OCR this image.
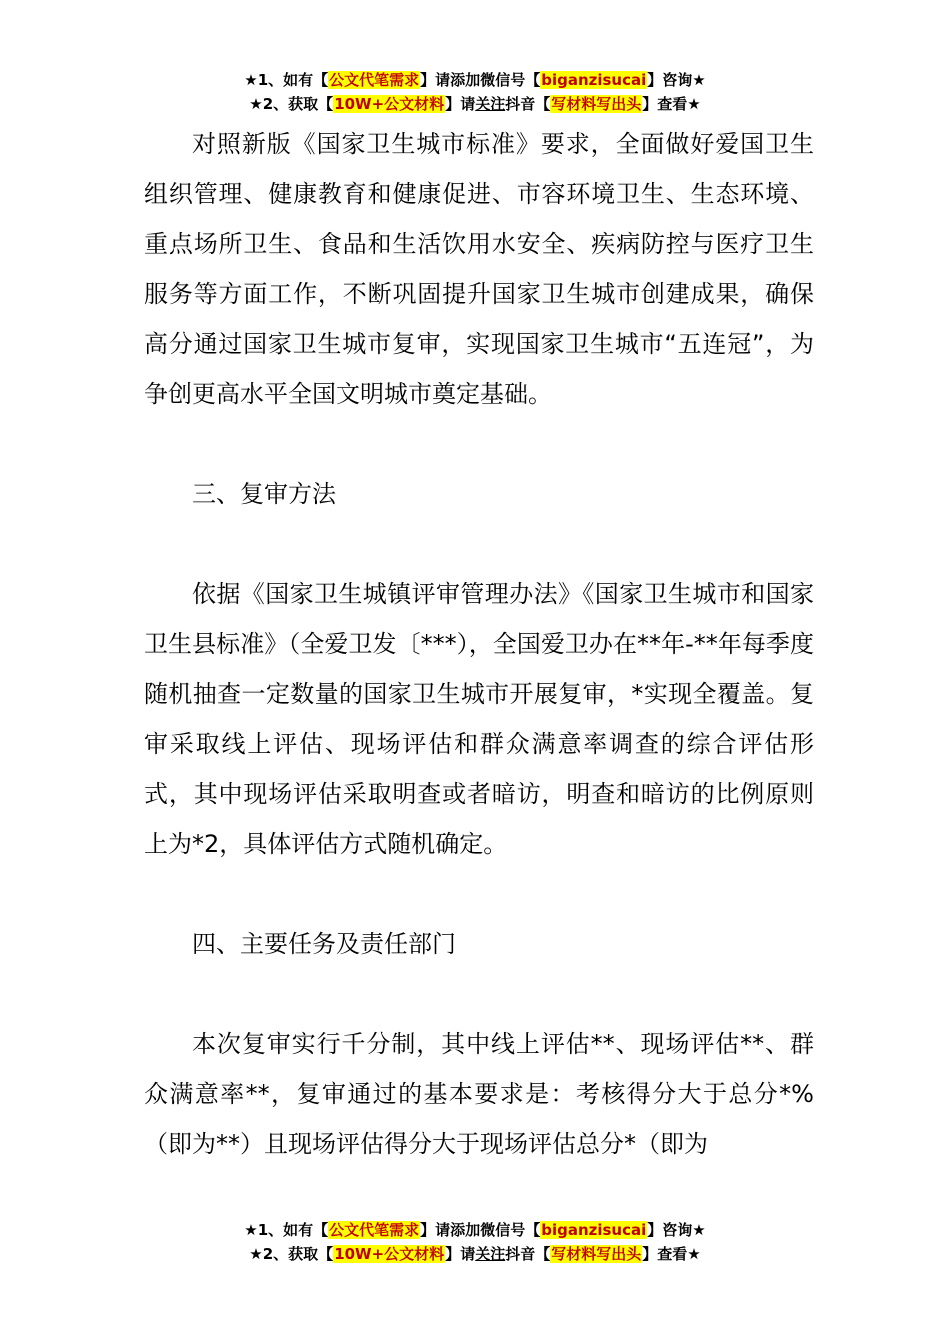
★1、如有【公文代笔需求】请添加微信号【biganzisucai】咨询★
★2、获取【10W+公文材料】请关注抖音【写材料写出头】查看★

对照新版《国家卫生城市标准》要求，全面做好爱国卫生组织管理、健康教育和健康促进、市容环境卫生、生态环境、重点场所卫生、食品和生活饮用水安全、疾病防控与医疗卫生服务等方面工作，不断巩固提升国家卫生城市创建成果，确保高分通过国家卫生城市复审，实现国家卫生城市“五连冠”，为争创更高水平全国文明城市奠定基础。

三、复审方法

依据《国家卫生城镇评审管理办法》《国家卫生城市和国家卫生县标准》（全爱卫发〔***），全国爱卫办在**年-**年每季度随机抽查一定数量的国家卫生城市开展复审，*实现全覆盖。复审采取线上评估、现场评估和群众满意率调查的综合评估形式，其中现场评估采取明查或者暗访，明查和暗访的比例原则上为*2，具体评估方式随机确定。

四、主要任务及责任部门

本次复审实行千分制，其中线上评估**、现场评估**、群众满意率**，复审通过的基本要求是：考核得分大于总分*%（即为**）且现场评估得分大于现场评估总分*（即为

★1、如有【公文代笔需求】请添加微信号【biganzisucai】咨询★
★2、获取【10W+公文材料】请关注抖音【写材料写出头】查看★
